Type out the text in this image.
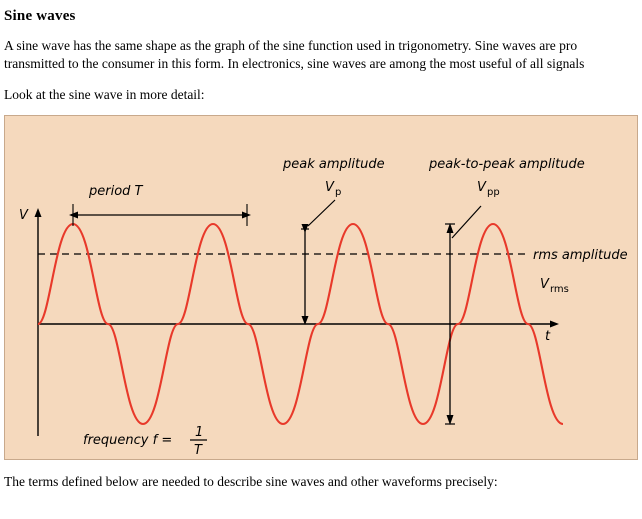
Sine waves
A sine wave has the same shape as the graph of the sine function used in trigonometry. Sine waves are pro
transmitted to the consumer in this form. In electronics, sine waves are among the most useful of all signals
Look at the sine wave in more detail:
period T
peak amplitude
V p
peak-to-peak amplitude
V pp
rms amplitude
V rms
V
t
frequency f =
1
T
The terms defined below are needed to describe sine waves and other waveforms precisely:
